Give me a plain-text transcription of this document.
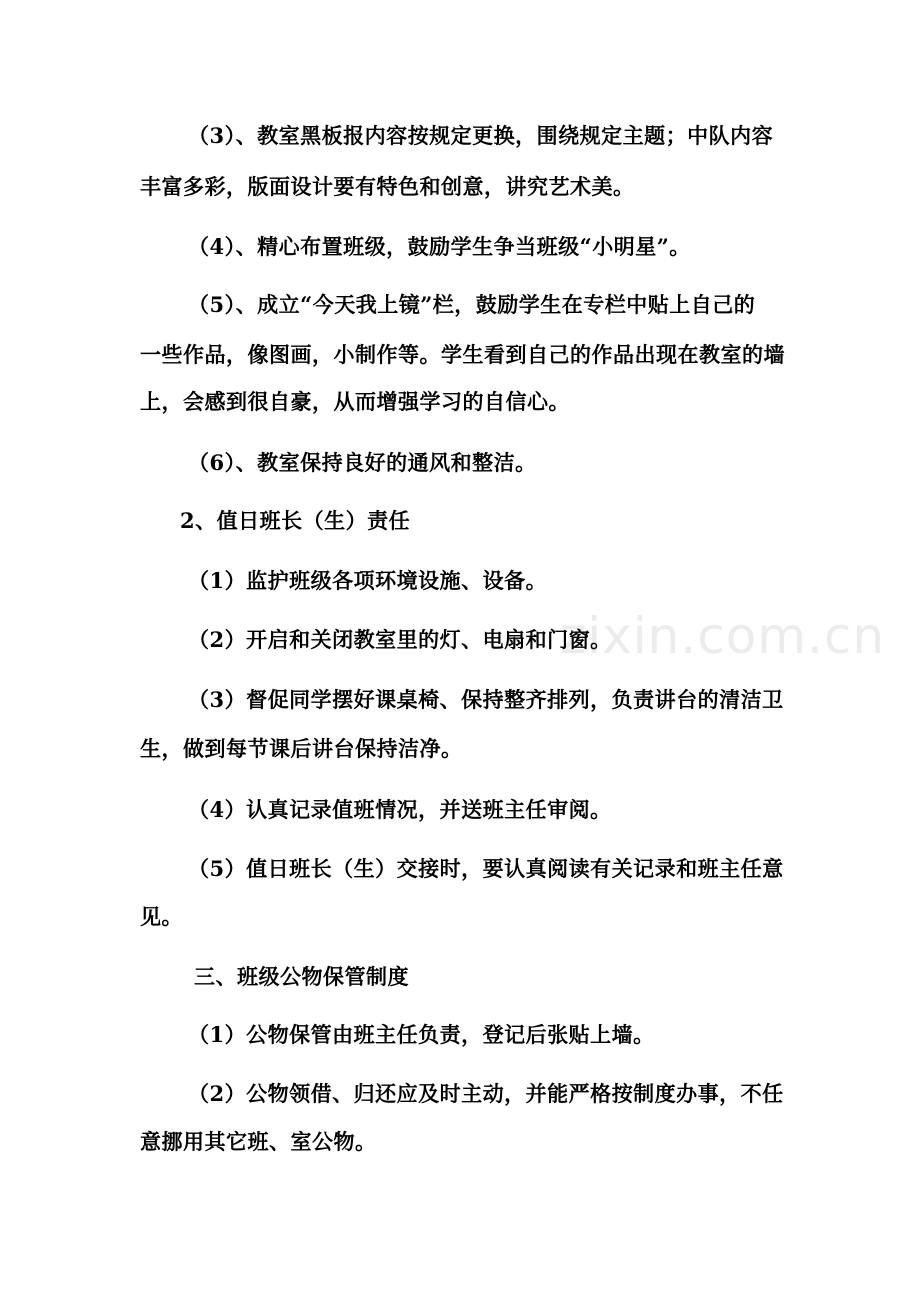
zixin.com.cn
（3）、教室黑板报内容按规定更换，围绕规定主题；中队内容
丰富多彩，版面设计要有特色和创意，讲究艺术美。
（4）、精心布置班级，鼓励学生争当班级“小明星”。
（5）、成立“今天我上镜”栏，鼓励学生在专栏中贴上自己的
一些作品，像图画，小制作等。学生看到自己的作品出现在教室的墙
上，会感到很自豪，从而增强学习的自信心。
（6）、教室保持良好的通风和整洁。
2、值日班长（生）责任
（1）监护班级各项环境设施、设备。
（2）开启和关闭教室里的灯、电扇和门窗。
（3）督促同学摆好课桌椅、保持整齐排列，负责讲台的清洁卫
生，做到每节课后讲台保持洁净。
（4）认真记录值班情况，并送班主任审阅。
（5）值日班长（生）交接时，要认真阅读有关记录和班主任意
见。
三、班级公物保管制度
（1）公物保管由班主任负责，登记后张贴上墙。
（2）公物领借、归还应及时主动，并能严格按制度办事，不任
意挪用其它班、室公物。
